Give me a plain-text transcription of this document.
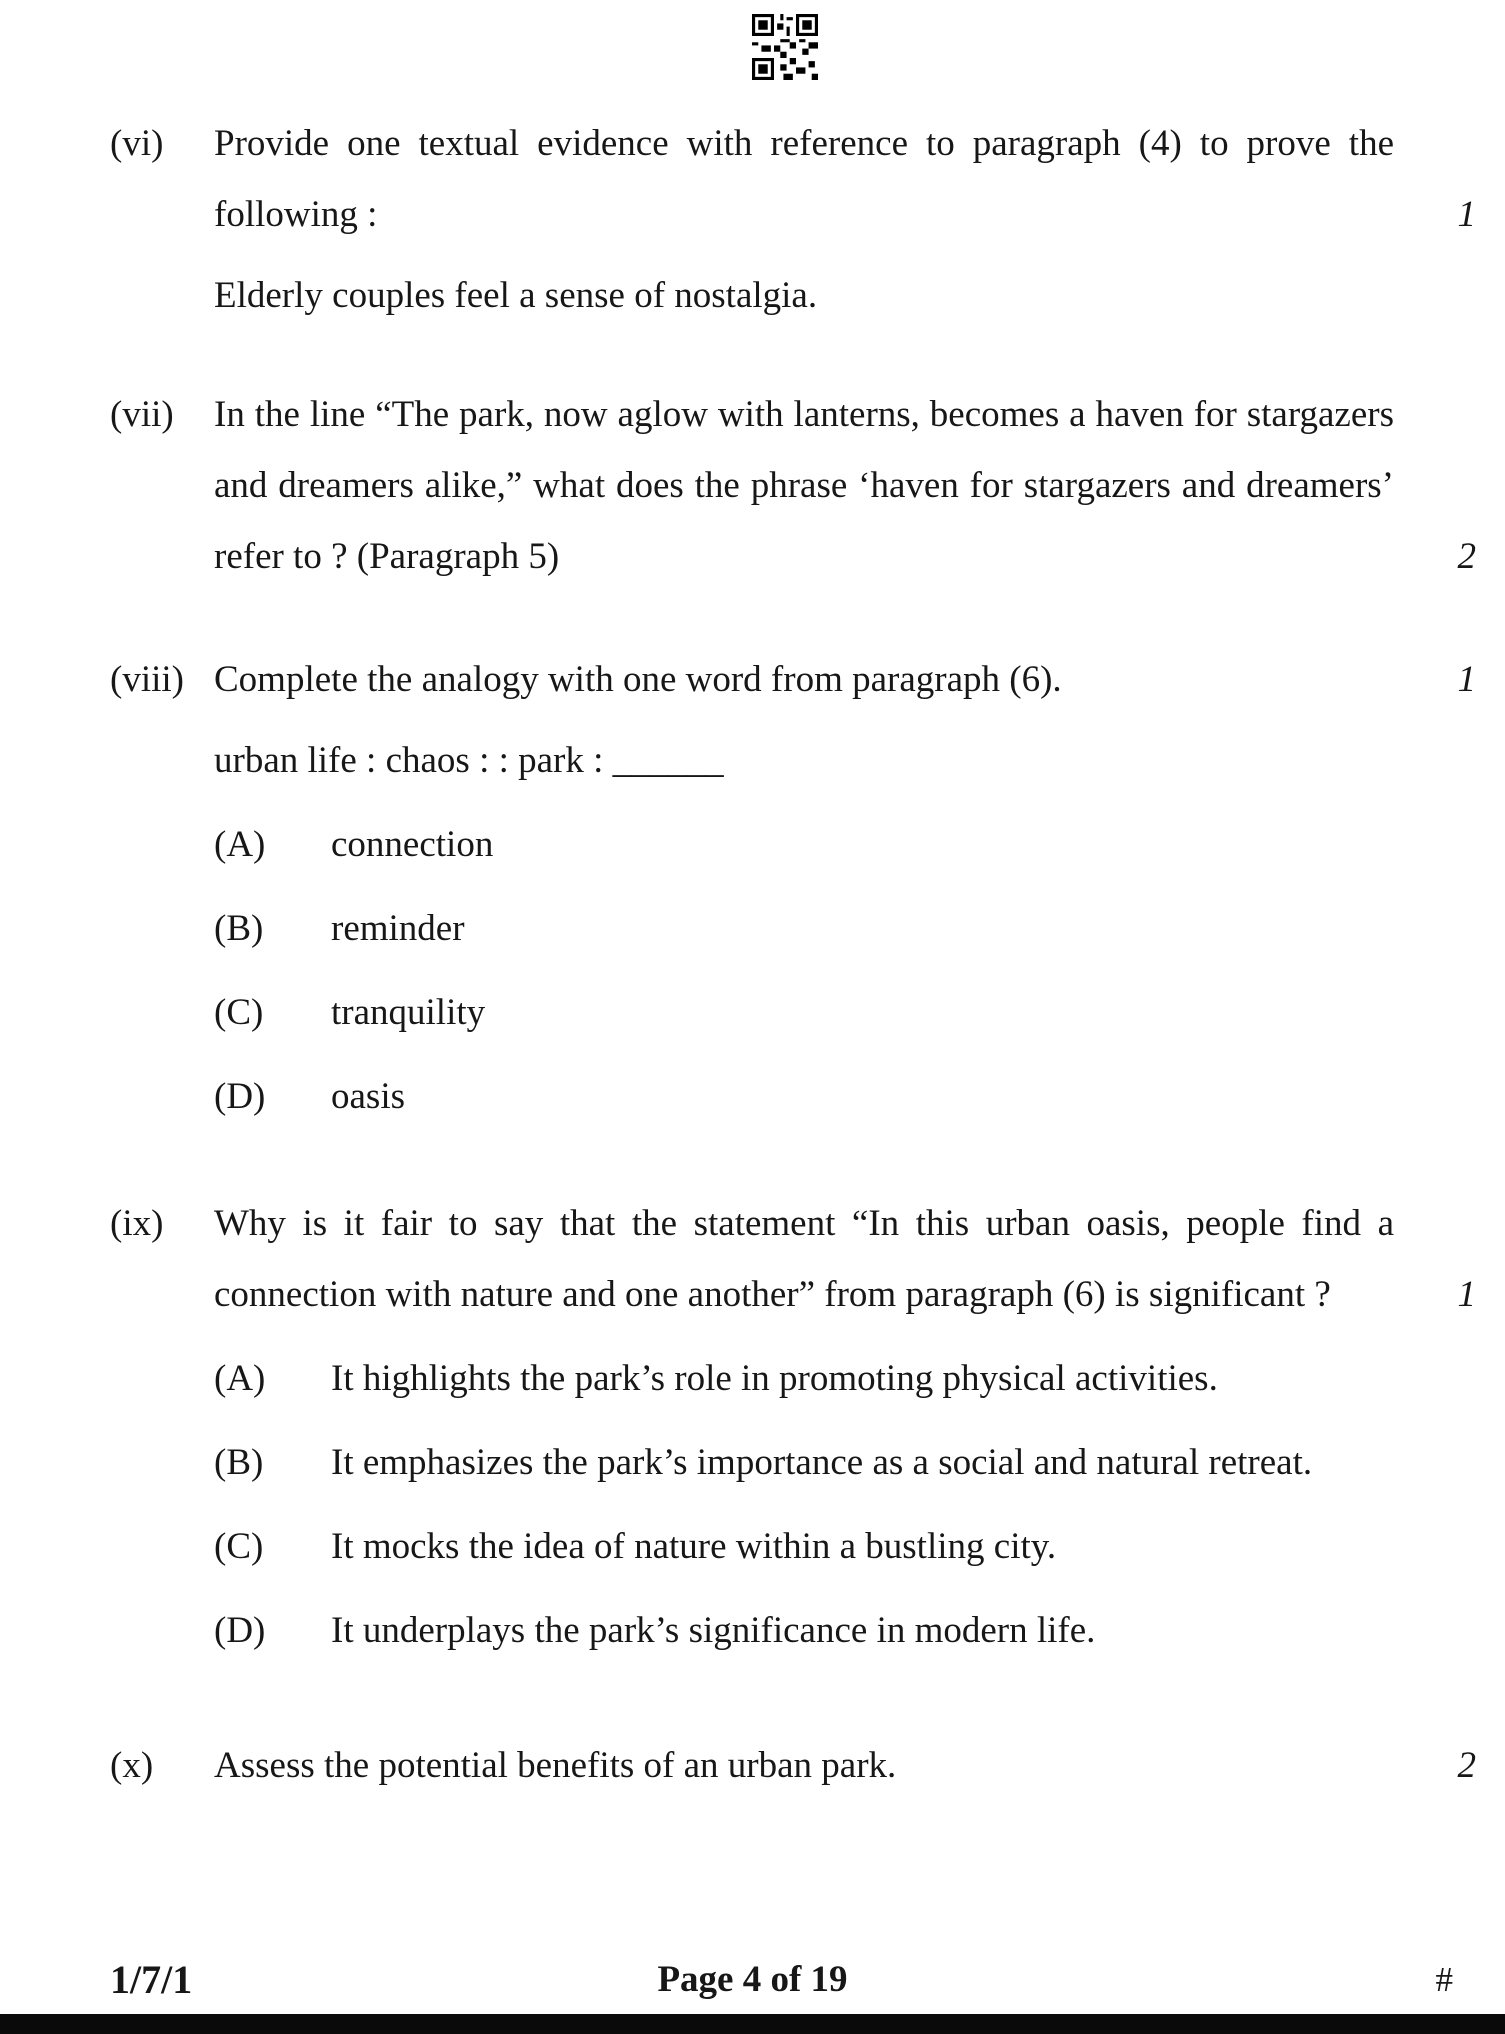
(vi)	Provide one textual evidence with reference to paragraph (4) to prove the following :	1

Elderly couples feel a sense of nostalgia.

(vii)	In the line “The park, now aglow with lanterns, becomes a haven for stargazers and dreamers alike,” what does the phrase ‘haven for stargazers and dreamers’ refer to ? (Paragraph 5)	2

(viii) Complete the analogy with one word from paragraph (6).	1

urban life : chaos : : park : ______

(A)	connection
(B)	reminder
(C)	tranquility
(D)	oasis
(ix)	Why is it fair to say that the statement “In this urban oasis, people find a connection with nature and one another” from paragraph (6) is significant ?	1

(A)	It highlights the park’s role in promoting physical activities.
(B)	It emphasizes the park’s importance as a social and natural retreat.
(C)	It mocks the idea of nature within a bustling city.
(D)	It underplays the park’s significance in modern life.
(x)	Assess the potential benefits of an urban park.	2

1/7/1	Page 4 of 19	#
